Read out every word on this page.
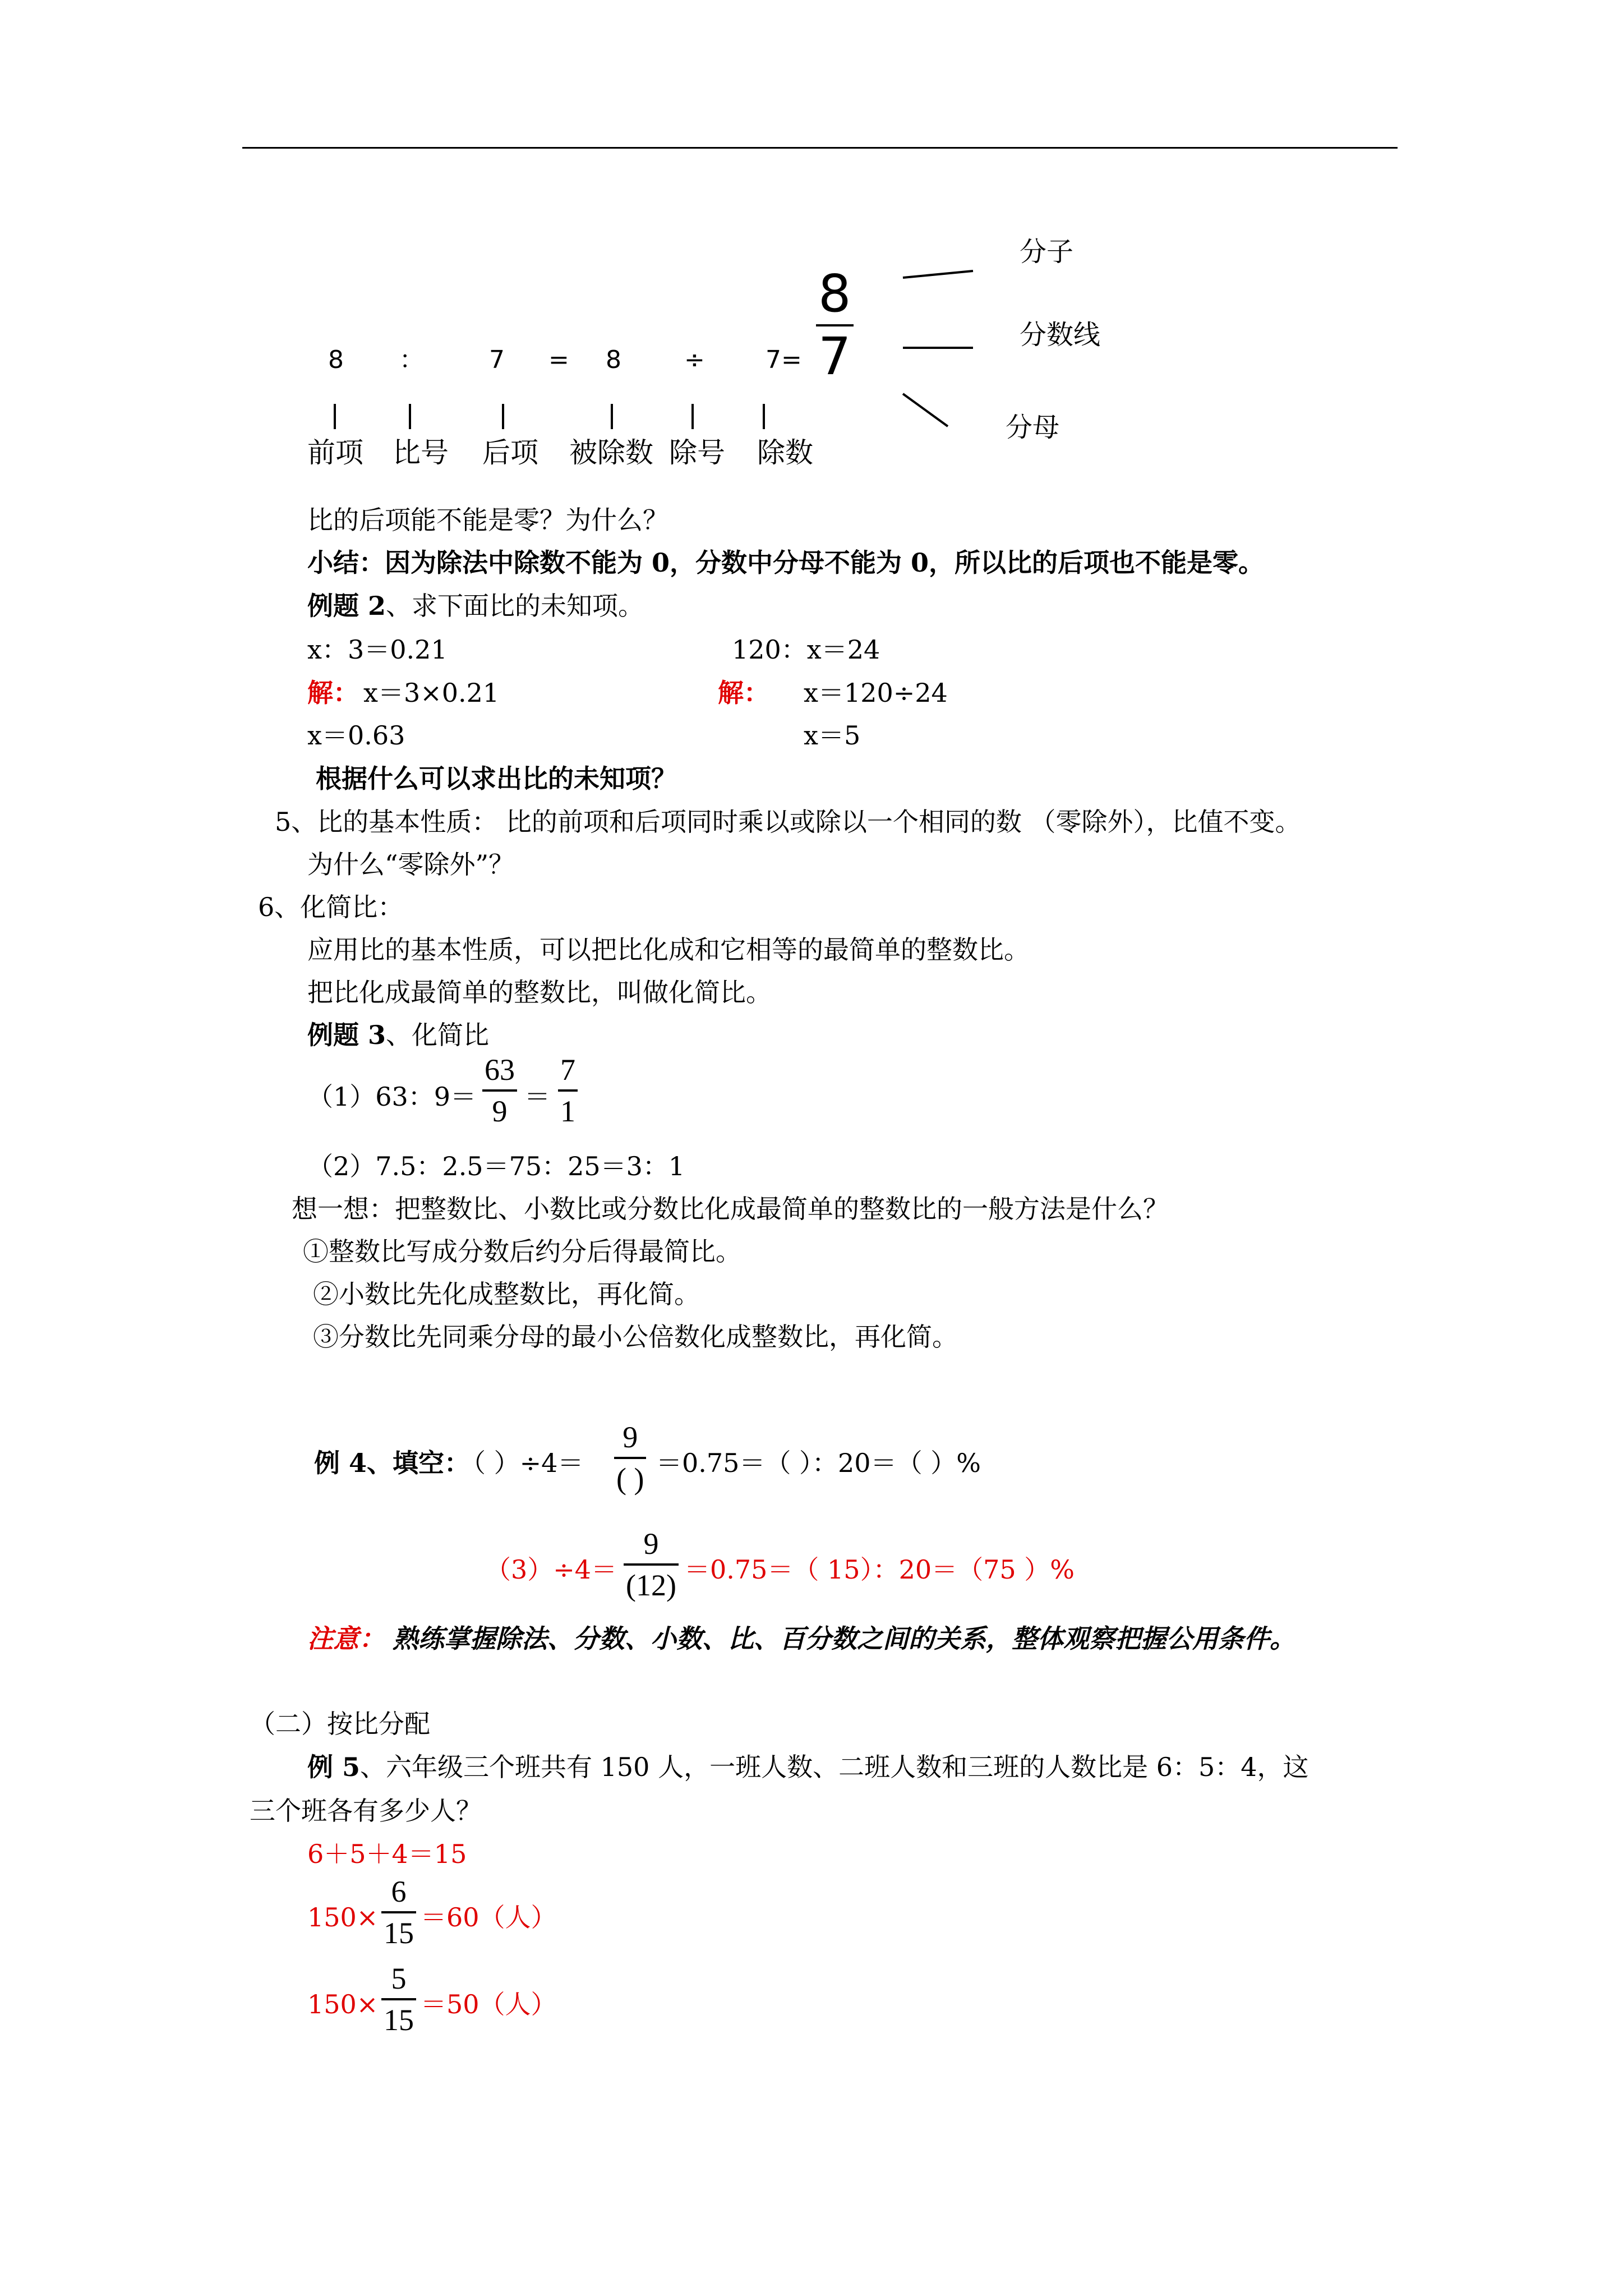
8 ：	7 = 8	÷ 7=
8
7
前项 比号 后项 被除数 除号 除数
分子
分数线
分母
比的后项能不能是零？为什么？
小结：因为除法中除数不能为 0，分数中分母不能为 0，所以比的后项也不能是零。
例题 2、求下面比的未知项。
x：3＝0.21	120：x＝24
解： x＝3×0.21	解： x＝120÷24
x＝0.63	x＝5
根据什么可以求出比的未知项？
5、比的基本性质： 比的前项和后项同时乘以或除以一个相同的数 （零除外），比值不变。
为什么“零除外”？
6、化简比：
应用比的基本性质，可以把比化成和它相等的最简单的整数比。
把比化成最简单的整数比，叫做化简比。
例题 3、化简比
（1）63：9＝
63
9 ＝
7
1
（2）7.5：2.5＝75：25＝3：1
想一想：把整数比、小数比或分数比化成最简单的整数比的一般方法是什么？
①整数比写成分数后约分后得最简比。
②小数比先化成整数比，再化简。
③分数比先同乘分母的最小公倍数化成整数比，再化简。
例 4、填空：
（ ）÷4＝
9
( ) ＝0.75＝（ ）：20＝（ ）%
（3）÷4＝
9
(12) ＝0.75＝（ 15）：20＝（75 ）%
注意： 熟练掌握除法、分数、小数、比、百分数之间的关系，整体观察把握公用条件。
（二）按比分配
例 5、六年级三个班共有 150 人，一班人数、二班人数和三班的人数比是 6：5：4，这
三个班各有多少人？
6＋5＋4＝15
150×
6
15 ＝60（人）
150×
5
15 ＝50（人）
